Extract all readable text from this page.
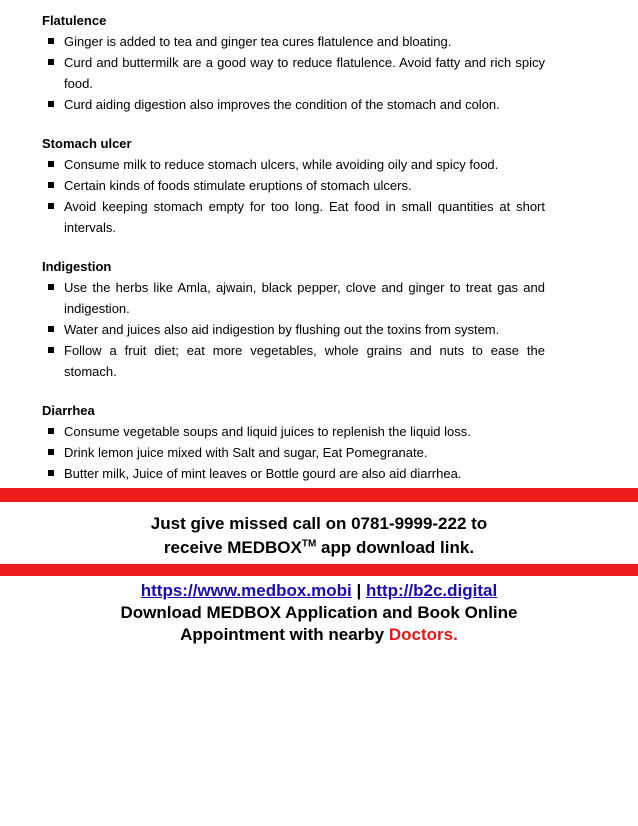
Flatulence
Ginger is added to tea and ginger tea cures flatulence and bloating.
Curd and buttermilk are a good way to reduce flatulence. Avoid fatty and rich spicy food.
Curd aiding digestion also improves the condition of the stomach and colon.
Stomach ulcer
Consume milk to reduce stomach ulcers, while avoiding oily and spicy food.
Certain kinds of foods stimulate eruptions of stomach ulcers.
Avoid keeping stomach empty for too long. Eat food in small quantities at short intervals.
Indigestion
Use the herbs like Amla, ajwain, black pepper, clove and ginger to treat gas and indigestion.
Water and juices also aid indigestion by flushing out the toxins from system.
Follow a fruit diet; eat more vegetables, whole grains and nuts to ease the stomach.
Diarrhea
Consume vegetable soups and liquid juices to replenish the liquid loss.
Drink lemon juice mixed with Salt and sugar, Eat Pomegranate.
Butter milk, Juice of mint leaves or Bottle gourd are also aid diarrhea.
Just give missed call on 0781-9999-222 to
receive MEDBOX™ app download link.
https://www.medbox.mobi | http://b2c.digital
Download MEDBOX Application and Book Online
Appointment with nearby Doctors.
